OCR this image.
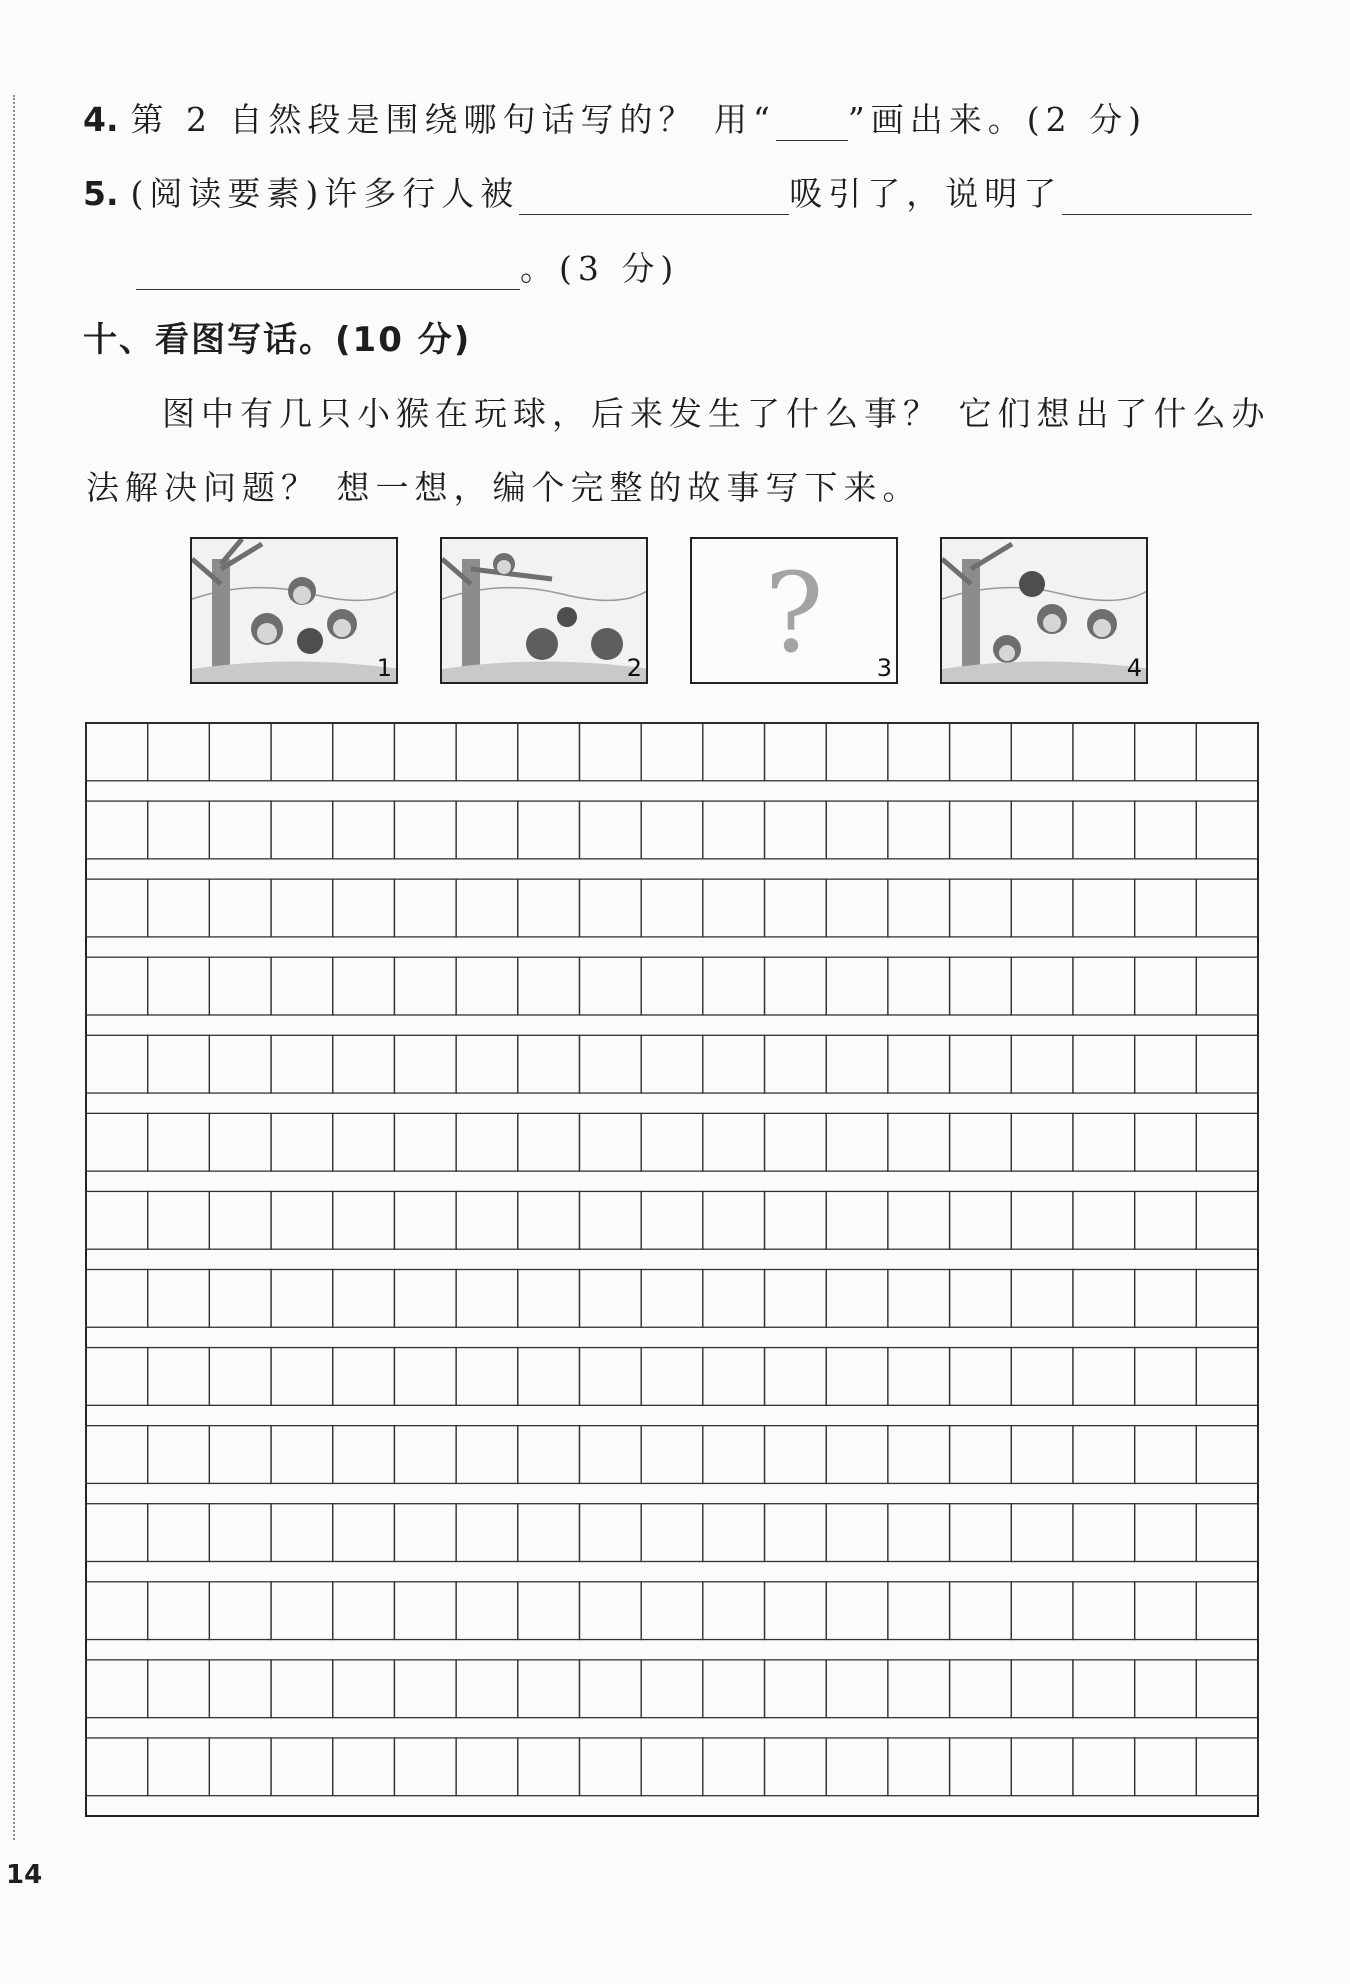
4. 第 2 自然段是围绕哪句话写的？ 用“ ”画出来。(2 分)
5. (阅读要素)许多行人被	吸引了，说明了
。(3 分)
十、看图写话。(10 分)
图中有几只小猴在玩球，后来发生了什么事？ 它们想出了什么办
法解决问题？ 想一想，编个完整的故事写下来。
1	2	?	3	4
14
